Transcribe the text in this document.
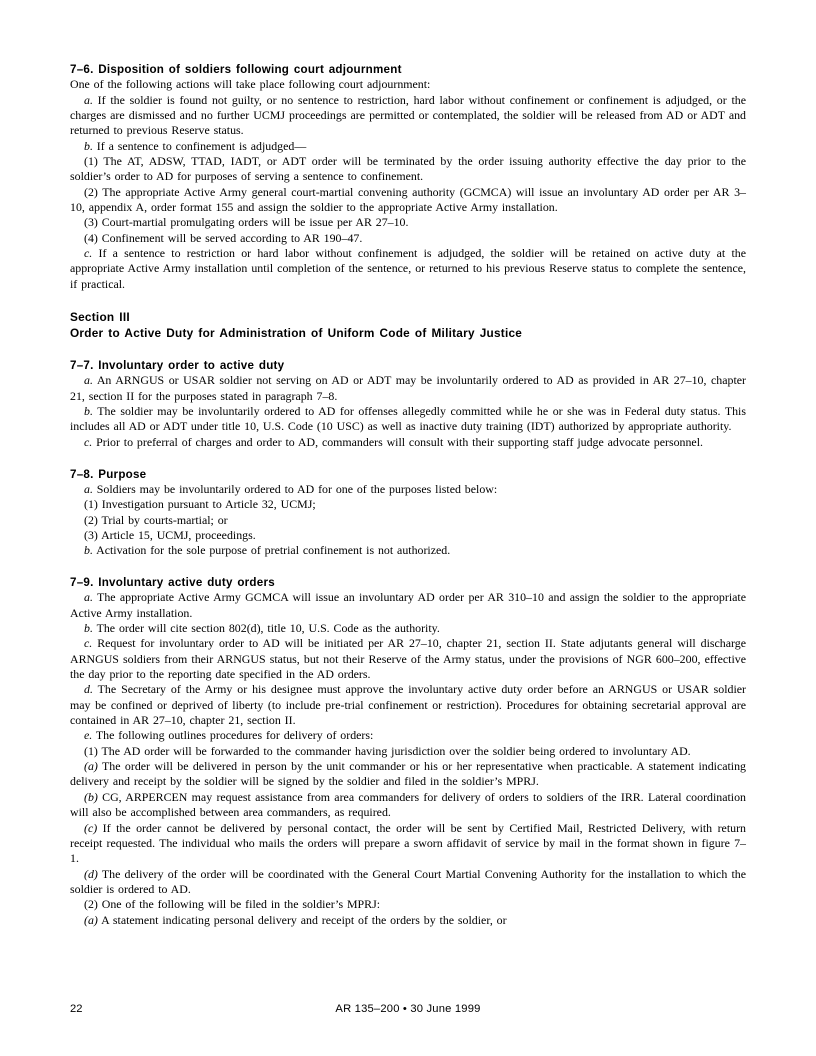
7–6. Disposition of soldiers following court adjournment

One of the following actions will take place following court adjournment:

a. If the soldier is found not guilty, or no sentence to restriction, hard labor without confinement or confinement is adjudged, or the charges are dismissed and no further UCMJ proceedings are permitted or contemplated, the soldier will be released from AD or ADT and returned to previous Reserve status.

b. If a sentence to confinement is adjudged—

(1) The AT, ADSW, TTAD, IADT, or ADT order will be terminated by the order issuing authority effective the day prior to the soldier’s order to AD for purposes of serving a sentence to confinement.

(2) The appropriate Active Army general court-martial convening authority (GCMCA) will issue an involuntary AD order per AR 3–10, appendix A, order format 155 and assign the soldier to the appropriate Active Army installation.

(3) Court-martial promulgating orders will be issue per AR 27–10.

(4) Confinement will be served according to AR 190–47.

c. If a sentence to restriction or hard labor without confinement is adjudged, the soldier will be retained on active duty at the appropriate Active Army installation until completion of the sentence, or returned to his previous Reserve status to complete the sentence, if practical.

Section III
Order to Active Duty for Administration of Uniform Code of Military Justice
7–7. Involuntary order to active duty

a. An ARNGUS or USAR soldier not serving on AD or ADT may be involuntarily ordered to AD as provided in AR 27–10, chapter 21, section II for the purposes stated in paragraph 7–8.

b. The soldier may be involuntarily ordered to AD for offenses allegedly committed while he or she was in Federal duty status. This includes all AD or ADT under title 10, U.S. Code (10 USC) as well as inactive duty training (IDT) authorized by appropriate authority.

c. Prior to preferral of charges and order to AD, commanders will consult with their supporting staff judge advocate personnel.

7–8. Purpose

a. Soldiers may be involuntarily ordered to AD for one of the purposes listed below:

(1) Investigation pursuant to Article 32, UCMJ;

(2) Trial by courts-martial; or

(3) Article 15, UCMJ, proceedings.

b. Activation for the sole purpose of pretrial confinement is not authorized.

7–9. Involuntary active duty orders

a. The appropriate Active Army GCMCA will issue an involuntary AD order per AR 310–10 and assign the soldier to the appropriate Active Army installation.

b. The order will cite section 802(d), title 10, U.S. Code as the authority.

c. Request for involuntary order to AD will be initiated per AR 27–10, chapter 21, section II. State adjutants general will discharge ARNGUS soldiers from their ARNGUS status, but not their Reserve of the Army status, under the provisions of NGR 600–200, effective the day prior to the reporting date specified in the AD orders.

d. The Secretary of the Army or his designee must approve the involuntary active duty order before an ARNGUS or USAR soldier may be confined or deprived of liberty (to include pre-trial confinement or restriction). Procedures for obtaining secretarial approval are contained in AR 27–10, chapter 21, section II.

e. The following outlines procedures for delivery of orders:

(1) The AD order will be forwarded to the commander having jurisdiction over the soldier being ordered to involuntary AD.

(a) The order will be delivered in person by the unit commander or his or her representative when practicable. A statement indicating delivery and receipt by the soldier will be signed by the soldier and filed in the soldier’s MPRJ.

(b) CG, ARPERCEN may request assistance from area commanders for delivery of orders to soldiers of the IRR. Lateral coordination will also be accomplished between area commanders, as required.

(c) If the order cannot be delivered by personal contact, the order will be sent by Certified Mail, Restricted Delivery, with return receipt requested. The individual who mails the orders will prepare a sworn affidavit of service by mail in the format shown in figure 7–1.

(d) The delivery of the order will be coordinated with the General Court Martial Convening Authority for the installation to which the soldier is ordered to AD.

(2) One of the following will be filed in the soldier’s MPRJ:

(a) A statement indicating personal delivery and receipt of the orders by the soldier, or

22	AR 135–200 • 30 June 1999
